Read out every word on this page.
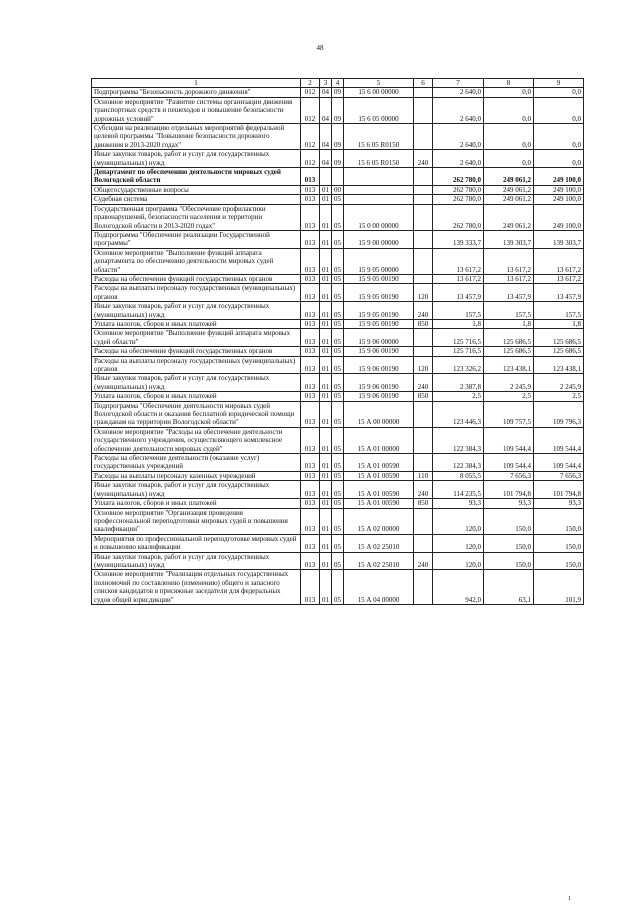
48
1	2	3	4	5	6	7	8	9
Подпрограмма "Безопасность дорожного движения"	012	04	09	15 6 00 00000		2 640,0	0,0	0,0
Основное мероприятие "Развитие системы организации движения транспортных средств и пешеходов и повышение безопасности дорожных условий"	012	04	09	15 6 05 00000		2 640,0	0,0	0,0
Субсидии на реализацию отдельных мероприятий федеральной целевой программы "Повышение безопасности дорожного движения в 2013-2020 годах"	012	04	09	15 6 05 R0150		2 640,0	0,0	0,0
Иные закупки товаров, работ и услуг для государственных (муниципальных) нужд	012	04	09	15 6 05 R0150	240	2 640,0	0,0	0,0
Департамент по обеспечению деятельности мировых судей Вологодской области	013					262 780,0	249 061,2	249 100,0
Общегосударственные вопросы	013	01	00			262 780,0	249 061,2	249 100,0
Судебная система	013	01	05			262 780,0	249 061,2	249 100,0
Государственная программа "Обеспечение профилактики правонарушений, безопасности населения и территории Вологодской области в 2013-2020 годах"	013	01	05	15 0 00 00000		262 780,0	249 061,2	249 100,0
Подпрограмма "Обеспечение реализации Государственной программы"	013	01	05	15 9 00 00000		139 333,7	139 303,7	139 303,7
Основное мероприятие "Выполнение функций аппарата департамента по обеспечению деятельности мировых судей области"	013	01	05	15 9 05 00000		13 617,2	13 617,2	13 617,2
Расходы на обеспечение функций государственных органов	013	01	05	15 9 05 00190		13 617,2	13 617,2	13 617,2
Расходы на выплаты персоналу государственных (муниципальных) органов	013	01	05	15 9 05 00190	120	13 457,9	13 457,9	13 457,9
Иные закупки товаров, работ и услуг для государственных (муниципальных) нужд	013	01	05	15 9 05 00190	240	157,5	157,5	157,5
Уплата налогов, сборов и иных платежей	013	01	05	15 9 05 00190	850	1,8	1,8	1,8
Основное мероприятие "Выполнение функций аппарата мировых судей области"	013	01	05	15 9 06 00000		125 716,5	125 686,5	125 686,5
Расходы на обеспечение функций государственных органов	013	01	05	15 9 06 00190		125 716,5	125 686,5	125 686,5
Расходы на выплаты персоналу государственных (муниципальных) органов	013	01	05	15 9 06 00190	120	123 326,2	123 438,1	123 438,1
Иные закупки товаров, работ и услуг для государственных (муниципальных) нужд	013	01	05	15 9 06 00190	240	2 387,8	2 245,9	2 245,9
Уплата налогов, сборов и иных платежей	013	01	05	15 9 06 00190	850	2,5	2,5	2,5
Подпрограмма "Обеспечение деятельности мировых судей Вологодской области и оказания бесплатной юридической помощи гражданам на территории Вологодской области"	013	01	05	15 А 00 00000		123 446,3	109 757,5	109 796,3
Основное мероприятие "Расходы на обеспечение деятельности государственного учреждения, осуществляющего комплексное обеспечение деятельности мировых судей"	013	01	05	15 А 01 00000		122 384,3	109 544,4	109 544,4
Расходы на обеспечение деятельности (оказание услуг) государственных учреждений	013	01	05	15 А 01 00590		122 384,3	109 544,4	109 544,4
Расходы на выплаты персоналу казенных учреждений	013	01	05	15 А 01 00590	110	8 055,5	7 656,3	7 656,3
Иные закупки товаров, работ и услуг для государственных (муниципальных) нужд	013	01	05	15 А 01 00590	240	114 235,5	101 794,8	101 794,8
Уплата налогов, сборов и иных платежей	013	01	05	15 А 01 00590	850	93,3	93,3	93,3
Основное мероприятие "Организация проведения профессиональной переподготовки мировых судей и повышения квалификации"	013	01	05	15 А 02 00000		120,0	150,0	150,0
Мероприятия по профессиональной переподготовке мировых судей и повышению квалификации	013	01	05	15 А 02 25010		120,0	150,0	150,0
Иные закупки товаров, работ и услуг для государственных (муниципальных) нужд	013	01	05	15 А 02 25010	240	120,0	150,0	150,0
Основное мероприятие "Реализация отдельных государственных полномочий по составлению (изменению) общего и запасного списков кандидатов в присяжные заседатели для федеральных судов общей юрисдикции"	013	01	05	15 А 04 00000		942,0	63,1	101,9
1
